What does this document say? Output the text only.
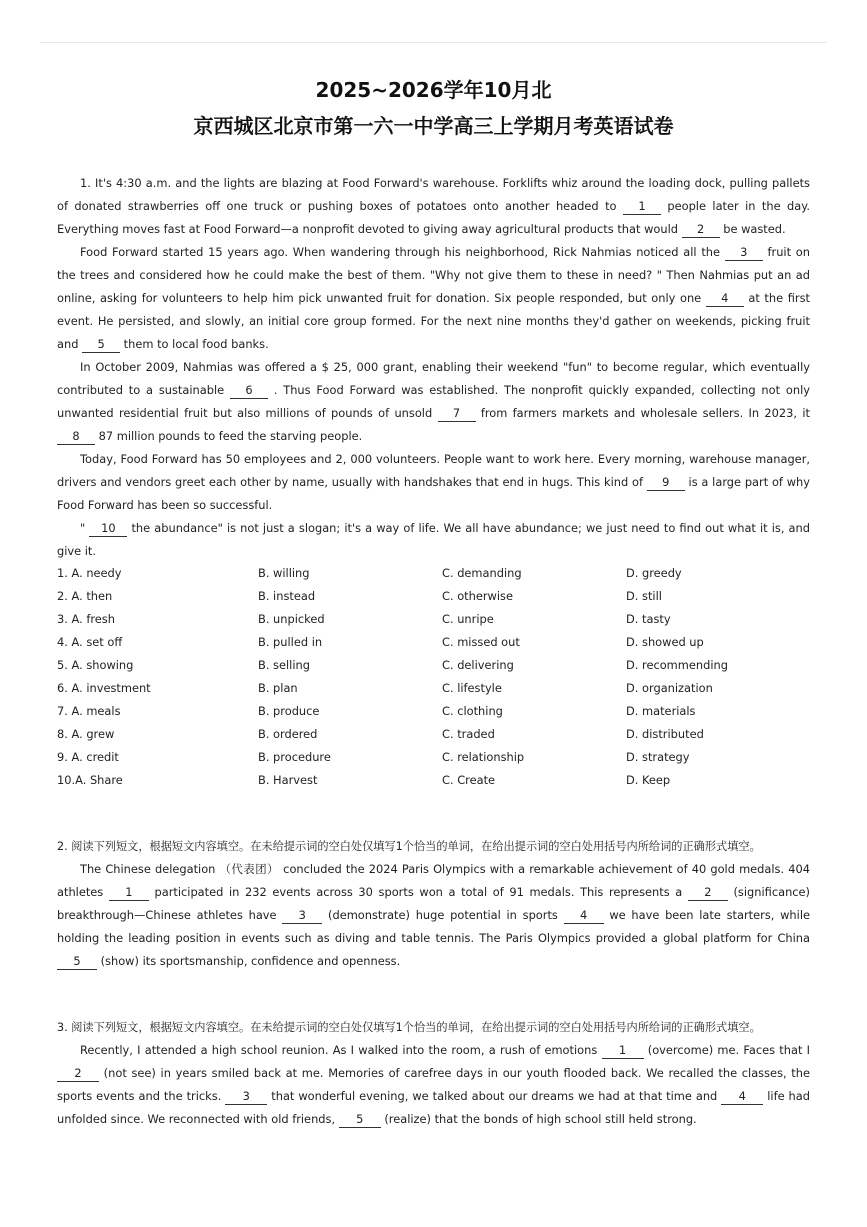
2025~2026学年10月北
京西城区北京市第一六一中学高三上学期月考英语试卷

1. It's 4:30 a.m. and the lights are blazing at Food Forward's warehouse. Forklifts whiz around the loading dock, pulling pallets of donated strawberries off one truck or pushing boxes of potatoes onto another headed to 1 people later in the day. Everything moves fast at Food Forward—a nonprofit devoted to giving away agricultural products that would 2 be wasted.

Food Forward started 15 years ago. When wandering through his neighborhood, Rick Nahmias noticed all the 3 fruit on the trees and considered how he could make the best of them. "Why not give them to these in need? " Then Nahmias put an ad online, asking for volunteers to help him pick unwanted fruit for donation. Six people responded, but only one 4 at the first event. He persisted, and slowly, an initial core group formed. For the next nine months they'd gather on weekends, picking fruit and 5 them to local food banks.

In October 2009, Nahmias was offered a $ 25, 000 grant, enabling their weekend "fun" to become regular, which eventually contributed to a sustainable 6 . Thus Food Forward was established. The nonprofit quickly expanded, collecting not only unwanted residential fruit but also millions of pounds of unsold 7 from farmers markets and wholesale sellers. In 2023, it 8 87 million pounds to feed the starving people.

Today, Food Forward has 50 employees and 2, 000 volunteers. People want to work here. Every morning, warehouse manager, drivers and vendors greet each other by name, usually with handshakes that end in hugs. This kind of 9 is a large part of why Food Forward has been so successful.

" 10 the abundance" is not just a slogan; it's a way of life. We all have abundance; we just need to find out what it is, and give it.

1. A. needy	B. willing	C. demanding	D. greedy
2. A. then	B. instead	C. otherwise	D. still
3. A. fresh	B. unpicked	C. unripe	D. tasty
4. A. set off	B. pulled in	C. missed out	D. showed up
5. A. showing	B. selling	C. delivering	D. recommending
6. A. investment	B. plan	C. lifestyle	D. organization
7. A. meals	B. produce	C. clothing	D. materials
8. A. grew	B. ordered	C. traded	D. distributed
9. A. credit	B. procedure	C. relationship	D. strategy
10.A. Share	B. Harvest	C. Create	D. Keep

2. 阅读下列短文，根据短文内容填空。在未给提示词的空白处仅填写1个恰当的单词，在给出提示词的空白处用括号内所给词的正确形式填空。

The Chinese delegation （代表团） concluded the 2024 Paris Olympics with a remarkable achievement of 40 gold medals. 404 athletes 1 participated in 232 events across 30 sports won a total of 91 medals. This represents a 2 (significance) breakthrough—Chinese athletes have 3 (demonstrate) huge potential in sports 4 we have been late starters, while holding the leading position in events such as diving and table tennis. The Paris Olympics provided a global platform for China 5 (show) its sportsmanship, confidence and openness.

3. 阅读下列短文，根据短文内容填空。在未给提示词的空白处仅填写1个恰当的单词，在给出提示词的空白处用括号内所给词的正确形式填空。

Recently, I attended a high school reunion. As I walked into the room, a rush of emotions 1 (overcome) me. Faces that I 2 (not see) in years smiled back at me. Memories of carefree days in our youth flooded back. We recalled the classes, the sports events and the tricks. 3 that wonderful evening, we talked about our dreams we had at that time and 4 life had unfolded since. We reconnected with old friends, 5 (realize) that the bonds of high school still held strong.
